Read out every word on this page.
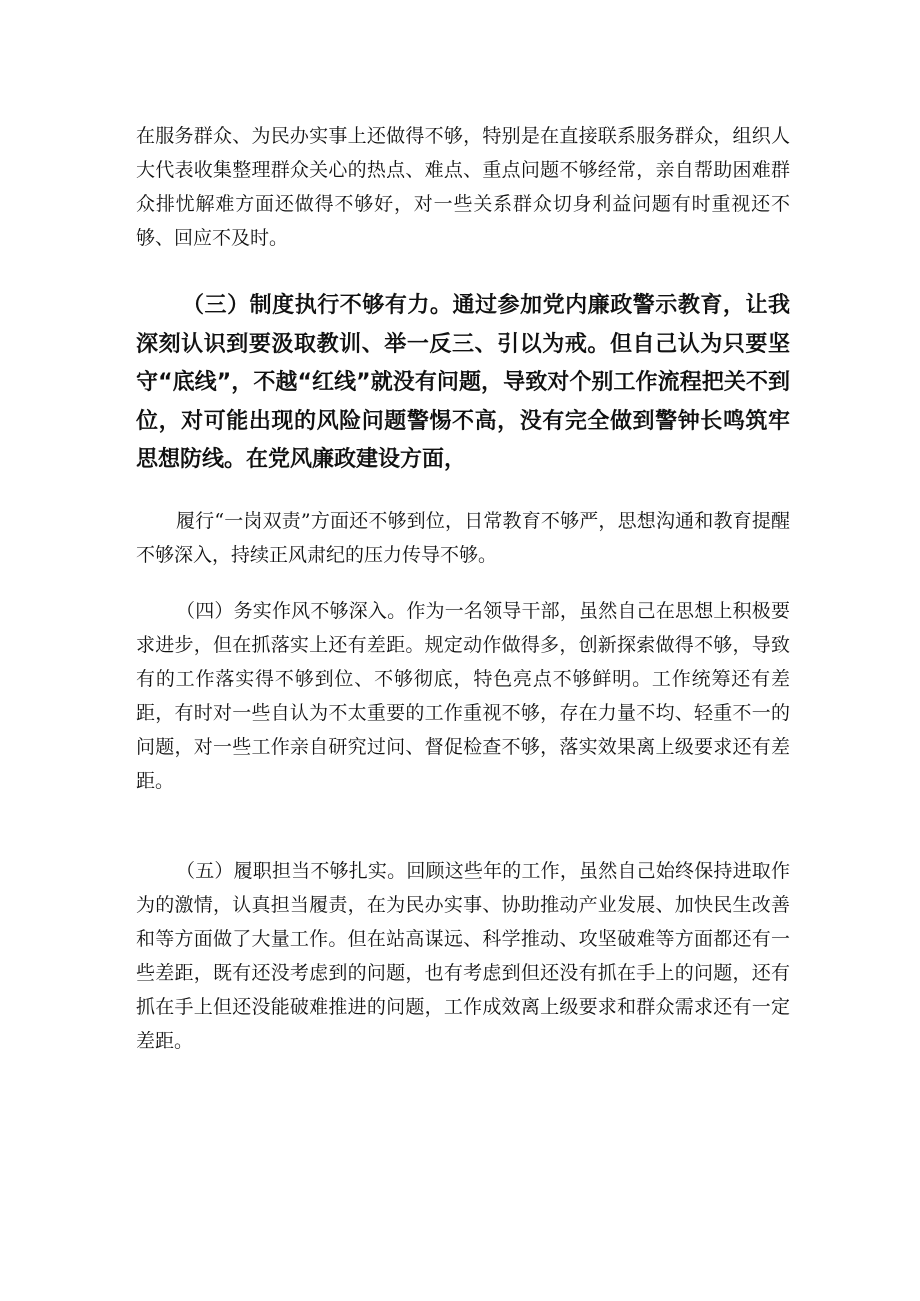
在服务群众、为民办实事上还做得不够，特别是在直接联系服务群众，组织人大代表收集整理群众关心的热点、难点、重点问题不够经常，亲自帮助困难群众排忧解难方面还做得不够好，对一些关系群众切身利益问题有时重视还不够、回应不及时。

（三）制度执行不够有力。通过参加党内廉政警示教育，让我深刻认识到要汲取教训、举一反三、引以为戒。但自己认为只要坚守“底线”，不越“红线”就没有问题，导致对个别工作流程把关不到位，对可能出现的风险问题警惕不高，没有完全做到警钟长鸣筑牢思想防线。在党风廉政建设方面，

履行“一岗双责”方面还不够到位，日常教育不够严，思想沟通和教育提醒不够深入，持续正风肃纪的压力传导不够。

（四）务实作风不够深入。作为一名领导干部，虽然自己在思想上积极要求进步，但在抓落实上还有差距。规定动作做得多，创新探索做得不够，导致有的工作落实得不够到位、不够彻底，特色亮点不够鲜明。工作统筹还有差距，有时对一些自认为不太重要的工作重视不够，存在力量不均、轻重不一的问题，对一些工作亲自研究过问、督促检查不够，落实效果离上级要求还有差距。

（五）履职担当不够扎实。回顾这些年的工作，虽然自己始终保持进取作为的激情，认真担当履责，在为民办实事、协助推动产业发展、加快民生改善和等方面做了大量工作。但在站高谋远、科学推动、攻坚破难等方面都还有一些差距，既有还没考虑到的问题，也有考虑到但还没有抓在手上的问题，还有抓在手上但还没能破难推进的问题，工作成效离上级要求和群众需求还有一定差距。
